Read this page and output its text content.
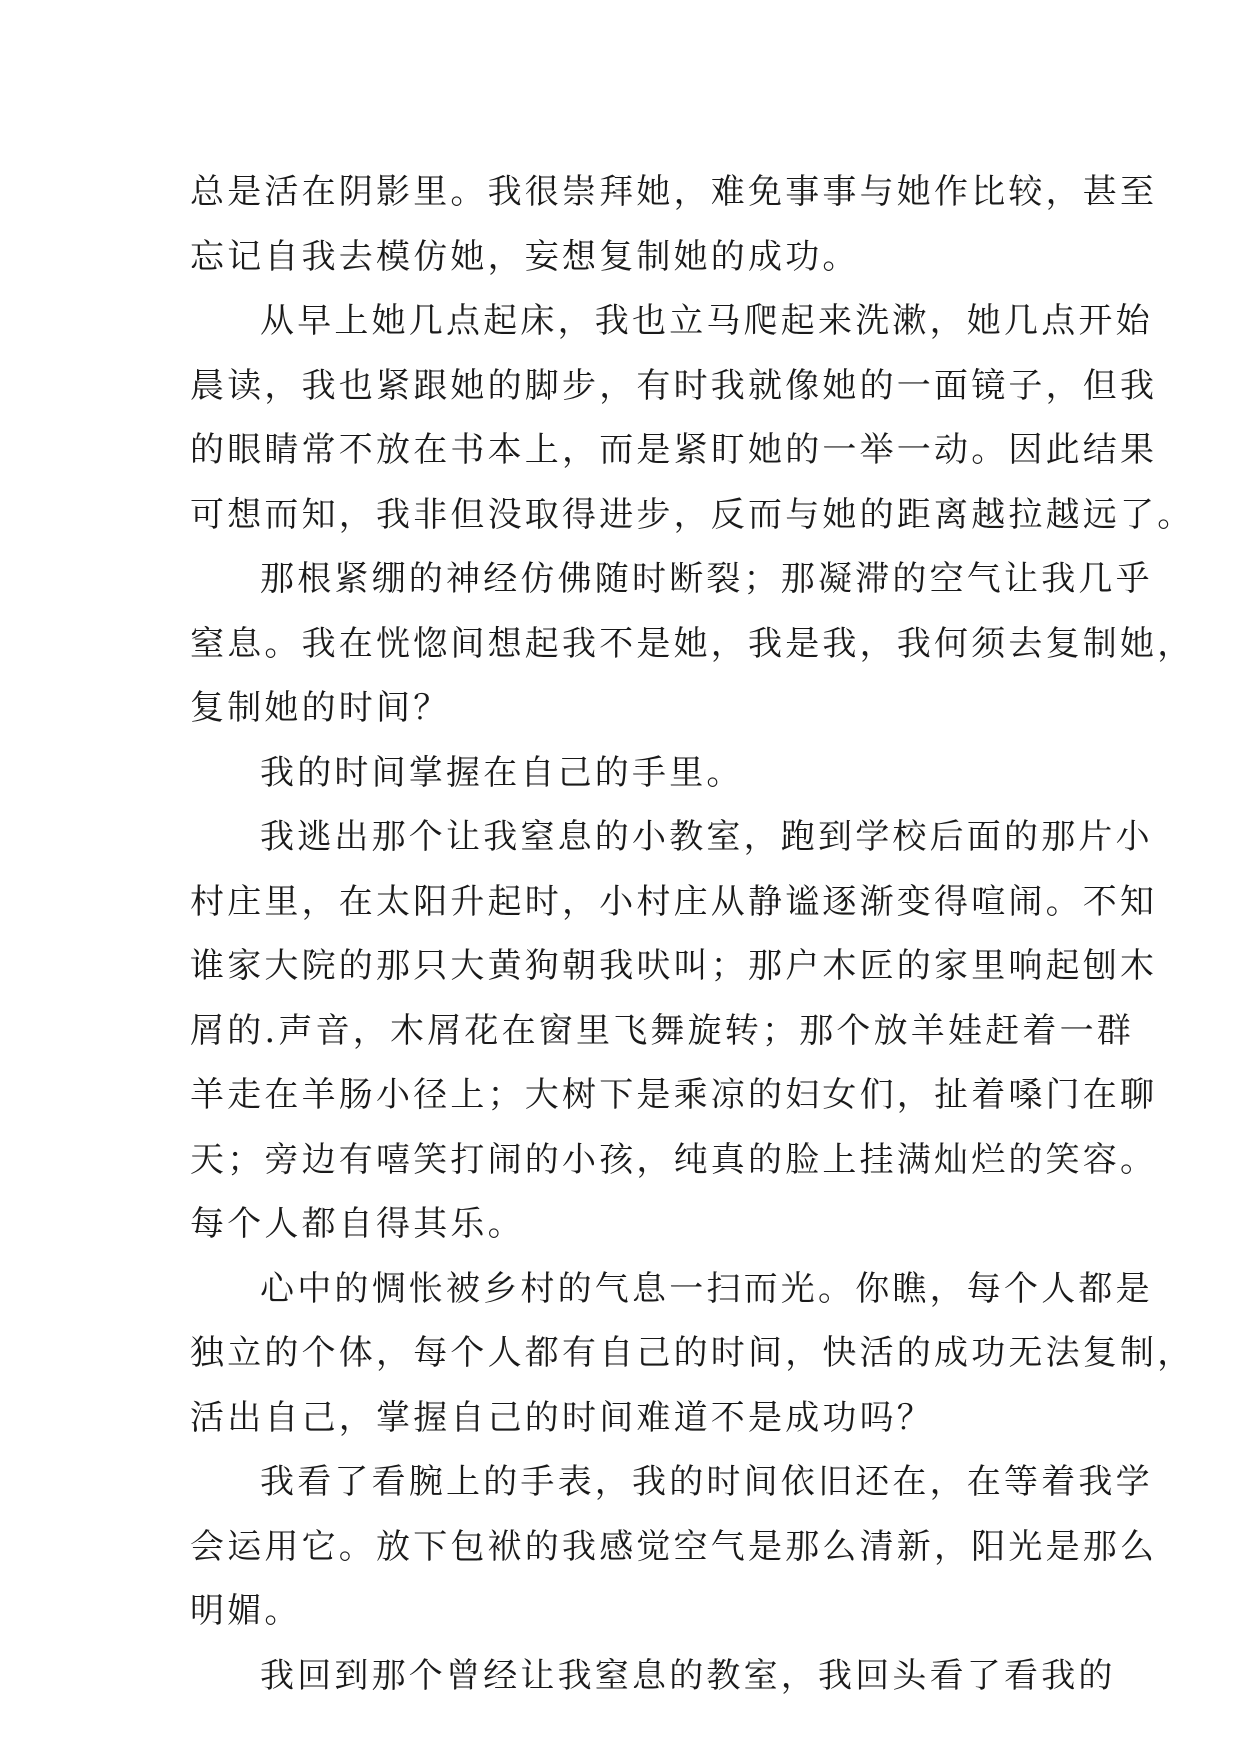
总是活在阴影里。我很崇拜她，难免事事与她作比较，甚至
忘记自我去模仿她，妄想复制她的成功。
从早上她几点起床，我也立马爬起来洗漱，她几点开始
晨读，我也紧跟她的脚步，有时我就像她的一面镜子，但我
的眼睛常不放在书本上，而是紧盯她的一举一动。因此结果
可想而知，我非但没取得进步，反而与她的距离越拉越远了。
那根紧绷的神经仿佛随时断裂；那凝滞的空气让我几乎
窒息。我在恍惚间想起我不是她，我是我，我何须去复制她，
复制她的时间？
我的时间掌握在自己的手里。
我逃出那个让我窒息的小教室，跑到学校后面的那片小
村庄里，在太阳升起时，小村庄从静谧逐渐变得喧闹。不知
谁家大院的那只大黄狗朝我吠叫；那户木匠的家里响起刨木
屑的.声音，木屑花在窗里飞舞旋转；那个放羊娃赶着一群
羊走在羊肠小径上；大树下是乘凉的妇女们，扯着嗓门在聊
天；旁边有嘻笑打闹的小孩，纯真的脸上挂满灿烂的笑容。
每个人都自得其乐。
心中的惆怅被乡村的气息一扫而光。你瞧，每个人都是
独立的个体，每个人都有自己的时间，快活的成功无法复制，
活出自己，掌握自己的时间难道不是成功吗？
我看了看腕上的手表，我的时间依旧还在，在等着我学
会运用它。放下包袱的我感觉空气是那么清新，阳光是那么
明媚。
我回到那个曾经让我窒息的教室，我回头看了看我的
